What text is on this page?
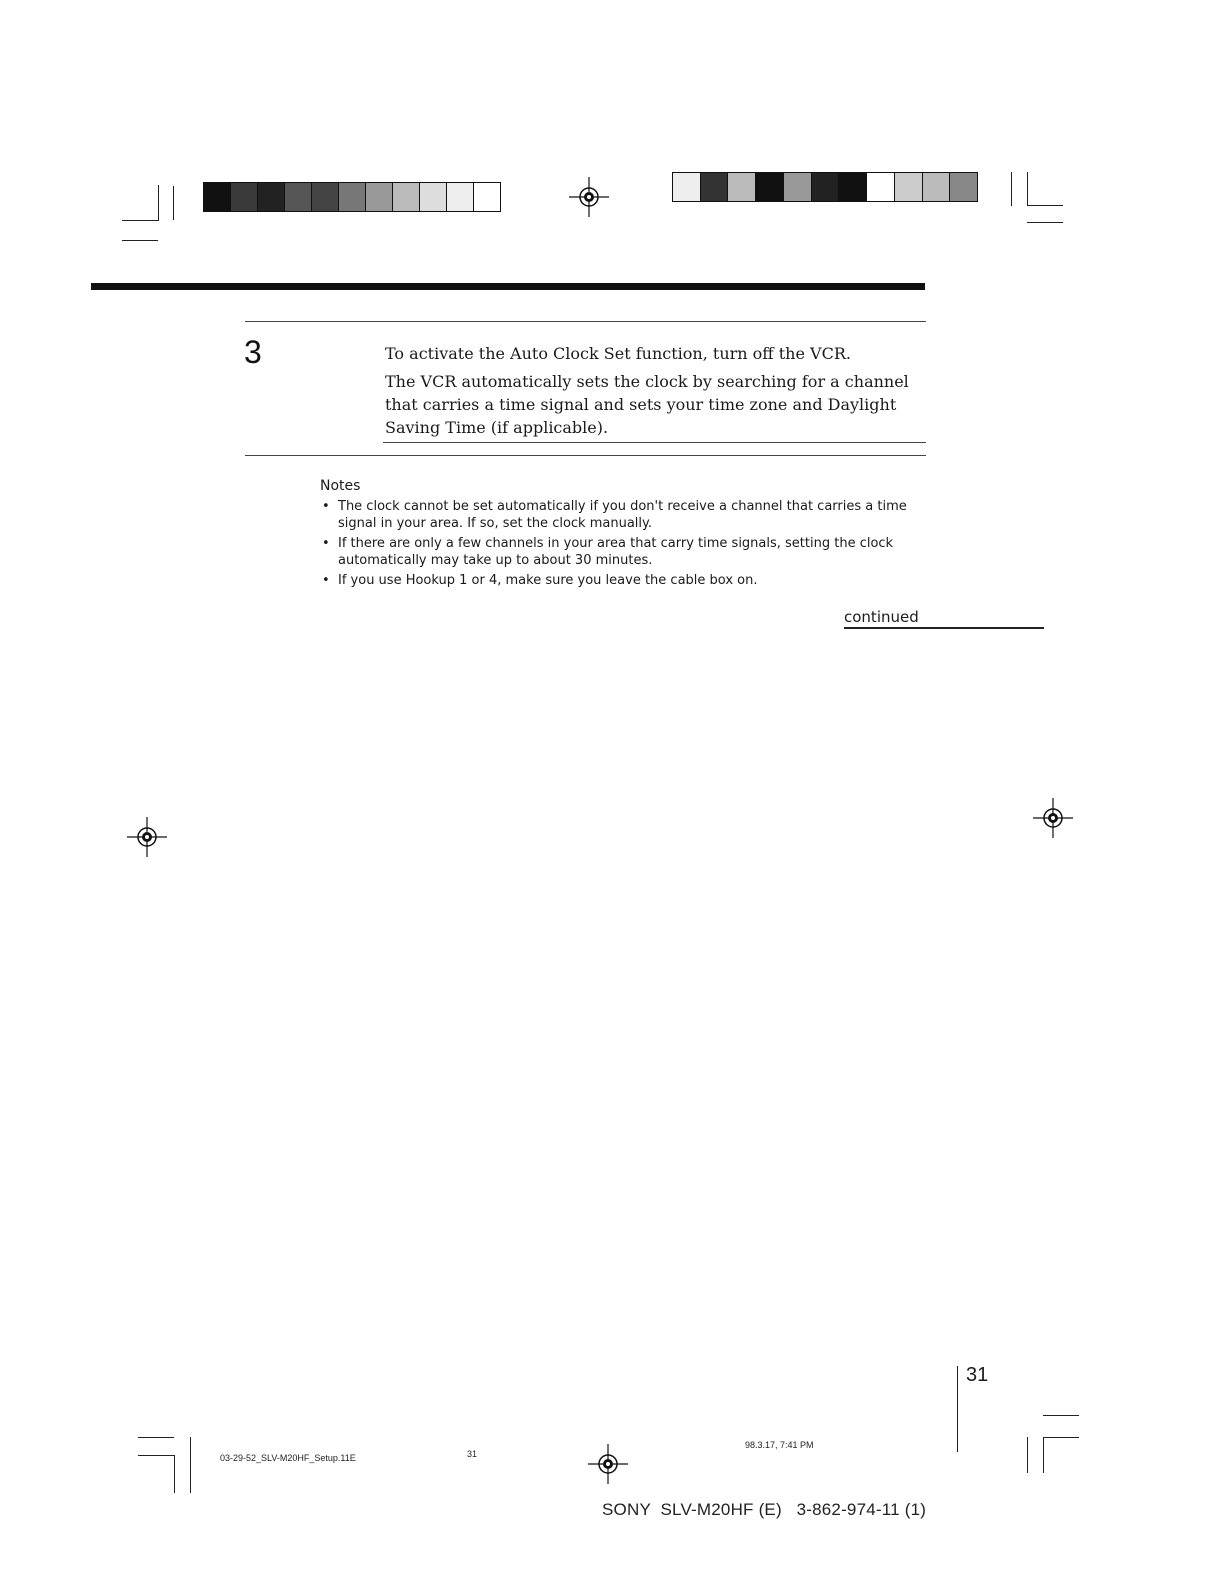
3	To activate the Auto Clock Set function, turn off the VCR.
The VCR automatically sets the clock by searching for a channel that carries a time signal and sets your time zone and Daylight Saving Time (if applicable).
Notes
• The clock cannot be set automatically if you don't receive a channel that carries a time signal in your area. If so, set the clock manually.
• If there are only a few channels in your area that carry time signals, setting the clock automatically may take up to about 30 minutes.
• If you use Hookup 1 or 4, make sure you leave the cable box on.
continued
31
03-29-52_SLV-M20HF_Setup.11E	31
98.3.17, 7:41 PM
SONY  SLV-M20HF (E)   3-862-974-11 (1)
